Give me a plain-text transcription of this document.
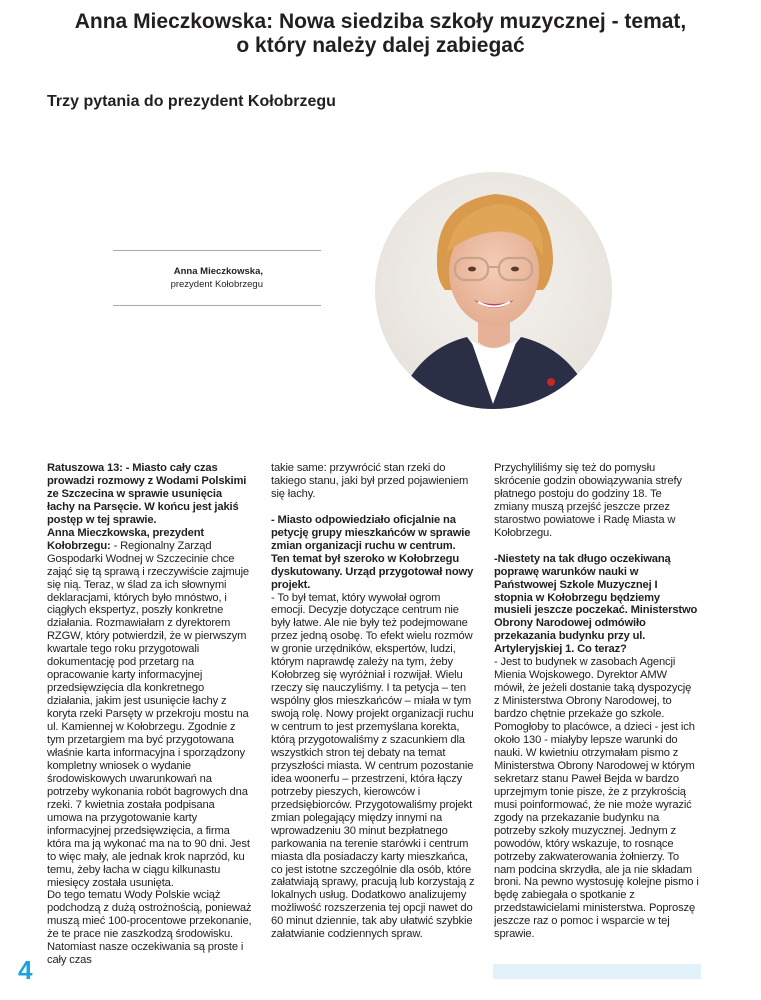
Anna Mieczkowska: Nowa siedziba szkoły muzycznej - temat,
o który należy dalej zabiegać
Trzy pytania do prezydent Kołobrzegu
Anna Mieczkowska,
prezydent Kołobrzegu

Ratuszowa 13: - Miasto cały czas prowadzi rozmowy z Wodami Polskimi ze Szczecina w sprawie usunięcia łachy na Parsęcie. W końcu jest jakiś postęp w tej sprawie.

Anna Mieczkowska, prezydent Kołobrzegu: - Regionalny Zarząd Gospodarki Wodnej w Szczecinie chce zająć się tą sprawą i rzeczywiście zajmuje się nią. Teraz, w ślad za ich słownymi deklaracjami, których było mnóstwo, i ciągłych ekspertyz, poszły konkretne działania. Rozmawiałam z dyrektorem RZGW, który potwierdził, że w pierwszym kwartale tego roku przygotowali dokumentację pod przetarg na opracowanie karty informacyjnej przedsięwzięcia dla konkretnego działania, jakim jest usunięcie łachy z koryta rzeki Parsęty w przekroju mostu na ul. Kamiennej w Kołobrzegu. Zgodnie z tym przetargiem ma być przygotowana właśnie karta informacyjna i sporządzony kompletny wniosek o wydanie środowiskowych uwarunkowań na potrzeby wykonania robót bagrowych dna rzeki. 7 kwietnia została podpisana umowa na przygotowanie karty informacyjnej przedsięwzięcia, a firma która ma ją wykonać ma na to 90 dni. Jest to więc mały, ale jednak krok naprzód, ku temu, żeby łacha w ciągu kilkunastu miesięcy została usunięta.

Do tego tematu Wody Polskie wciąż podchodzą z dużą ostrożnością, ponieważ muszą mieć 100-procentowe przekonanie, że te prace nie zaszkodzą środowisku. Natomiast nasze oczekiwania są proste i cały czas

takie same: przywrócić stan rzeki do takiego stanu, jaki był przed pojawieniem się łachy.

- Miasto odpowiedziało oficjalnie na petycję grupy mieszkańców w sprawie zmian organizacji ruchu w centrum. Ten temat był szeroko w Kołobrzegu dyskutowany. Urząd przygotował nowy projekt.

- To był temat, który wywołał ogrom emocji. Decyzje dotyczące centrum nie były łatwe. Ale nie były też podejmowane przez jedną osobę. To efekt wielu rozmów w gronie urzędników, ekspertów, ludzi, którym naprawdę zależy na tym, żeby Kołobrzeg się wyróżniał i rozwijał. Wielu rzeczy się nauczyliśmy. I ta petycja – ten wspólny głos mieszkańców – miała w tym swoją rolę. Nowy projekt organizacji ruchu w centrum to jest przemyślana korekta, którą przygotowaliśmy z szacunkiem dla wszystkich stron tej debaty na temat przyszłości miasta. W centrum pozostanie idea woonerfu – przestrzeni, która łączy potrzeby pieszych, kierowców i przedsiębiorców. Przygotowaliśmy projekt zmian polegający między innymi na wprowadzeniu 30 minut bezpłatnego parkowania na terenie starówki i centrum miasta dla posiadaczy karty mieszkańca, co jest istotne szczególnie dla osób, które załatwiają sprawy, pracują lub korzystają z lokalnych usług. Dodatkowo analizujemy możliwość rozszerzenia tej opcji nawet do 60 minut dziennie, tak aby ułatwić szybkie załatwianie codziennych spraw.

Przychyliliśmy się też do pomysłu skrócenie godzin obowiązywania strefy płatnego postoju do godziny 18. Te zmiany muszą przejść jeszcze przez starostwo powiatowe i Radę Miasta w Kołobrzegu.

-Niestety na tak długo oczekiwaną poprawę warunków nauki w Państwowej Szkole Muzycznej I stopnia w Kołobrzegu będziemy musieli jeszcze poczekać. Ministerstwo Obrony Narodowej odmówiło przekazania budynku przy ul. Artyleryjskiej 1. Co teraz?

- Jest to budynek w zasobach Agencji Mienia Wojskowego. Dyrektor AMW mówił, że jeżeli dostanie taką dyspozycję z Ministerstwa Obrony Narodowej, to bardzo chętnie przekaże go szkole. Pomogłoby to placówce, a dzieci - jest ich około 130 - miałyby lepsze warunki do nauki. W kwietniu otrzymałam pismo z Ministerstwa Obrony Narodowej w którym sekretarz stanu Paweł Bejda w bardzo uprzejmym tonie pisze, że z przykrością musi poinformować, że nie może wyrazić zgody na przekazanie budynku na potrzeby szkoły muzycznej. Jednym z powodów, który wskazuje, to rosnące potrzeby zakwaterowania żołnierzy. To nam podcina skrzydła, ale ja nie składam broni. Na pewno wystosuję kolejne pismo i będę zabiegała o spotkanie z przedstawicielami ministerstwa. Poproszę jeszcze raz o pomoc i wsparcie w tej sprawie.

4
